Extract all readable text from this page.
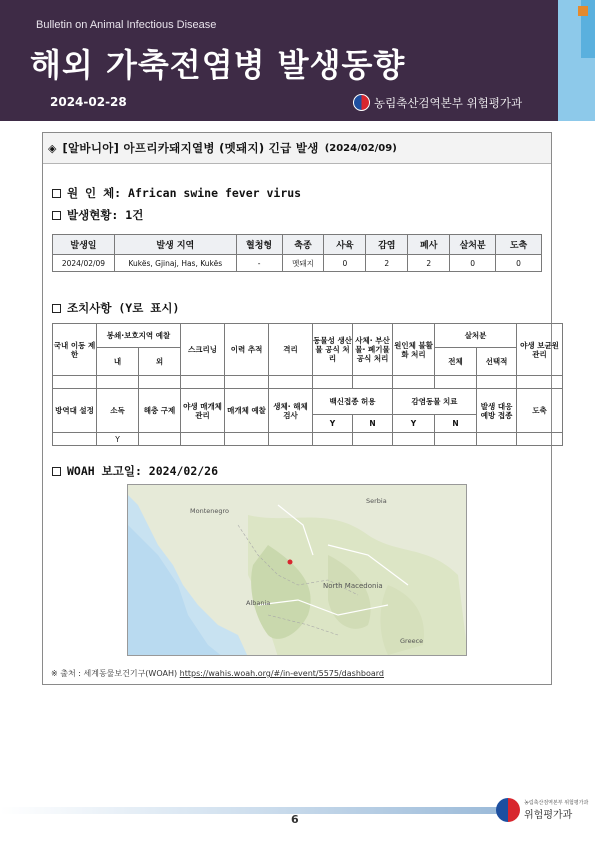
Bulletin on Animal Infectious Disease
해외 가축전염병 발생동향
2024-02-28	농림축산검역본부 위험평가과
◈ [알바니아] 아프리카돼지열병 (멧돼지) 긴급 발생 (2024/02/09)
원 인 체: African swine fever virus
발생현황: 1건
발생일	발생 지역	혈청형	축종	사육	감염	폐사	살처분	도축
2024/02/09	Kukës, Gjinaj, Has, Kukës	-	멧돼지	0	2	2	0	0
조치사항 (Y로 표시)
국내 이동 제한	봉쇄·보호지역 예찰		스크리닝	이력 추적	격리	동물성 생산물 공식 처리	사체· 부산물· 폐기물 공식 처리	원인체 불활화 처리	살처분		야생 보균원 관리
	내	외							전체	선택적	

방역대 설정	소독	해충 구제	야생 매개체 관리	매개체 예찰	생체· 해체 검사	백신접종 허용		감염동물 치료		발생 대응 예방 접종	도축
						Y	N	Y	N		
	Y										
WOAH 보고일: 2024/02/26
North Macedonia
Albania
Montenegro
Serbia
Greece
※ 출처 : 세계동물보건기구(WOAH) https://wahis.woah.org/#/in-event/5575/dashboard
6
농림축산검역본부 위험평가과
위험평가과
